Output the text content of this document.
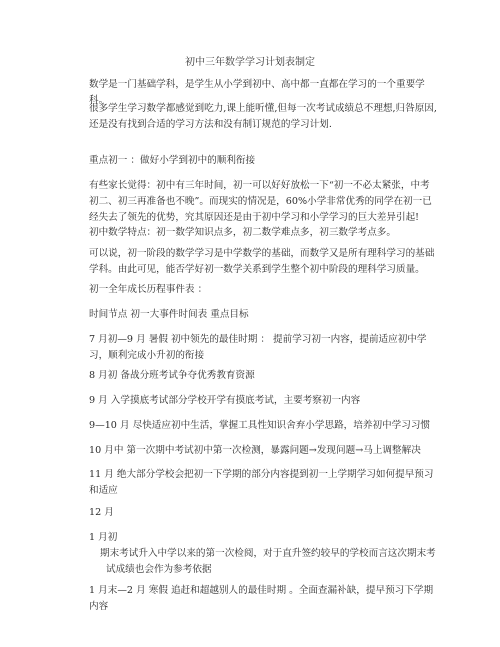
初中三年数学学习计划表制定

数学是一门基础学科，是学生从小学到初中、高中都一直都在学习的一个重要学科。

很多学生学习数学都感觉到吃力,课上能听懂,但每一次考试成绩总不理想,归咎原因,还是没有找到合适的学习方法和没有制订规范的学习计划.

重点初一 ：做好小学到初中的顺利衔接

有些家长觉得：初中有三年时间，初一可以好好放松一下“初一不必太紧张，中考初二、初三再准备也不晚”。而现实的情况是，60%小学非常优秀的同学在初一已经失去了领先的优势，究其原因还是由于初中学习和小学学习的巨大差异引起!

初中数学特点：初一数学知识点多，初二数学难点多，初三数学考点多。

可以说，初一阶段的数学学习是中学数学的基础，而数学又是所有理科学习的基础学科。由此可见，能否学好初一数学关系到学生整个初中阶段的理科学习质量。

初一全年成长历程事件表 ：

时间节点 初一大事件时间表 重点目标

7 月初—9 月 暑假 初中领先的最佳时期 ： 提前学习初一内容，提前适应初中学习，顺利完成小升初的衔接

8 月初 备战分班考试争夺优秀教育资源

9 月 入学摸底考试部分学校开学有摸底考试，主要考察初一内容

9—10 月 尽快适应初中生活，掌握工具性知识舍弃小学思路，培养初中学习习惯

10 月中 第一次期中考试初中第一次检测，暴露问题→发现问题→马上调整解决

11 月 绝大部分学校会把初一下学期的部分内容提到初一上学期学习如何提早预习和适应

12 月

1 月初

期末考试升入中学以来的第一次检阅，对于直升签约较早的学校而言这次期末考试成绩也会作为参考依据

1 月末—2 月 寒假 追赶和超越别人的最佳时期 。全面查漏补缺，提早预习下学期内容
